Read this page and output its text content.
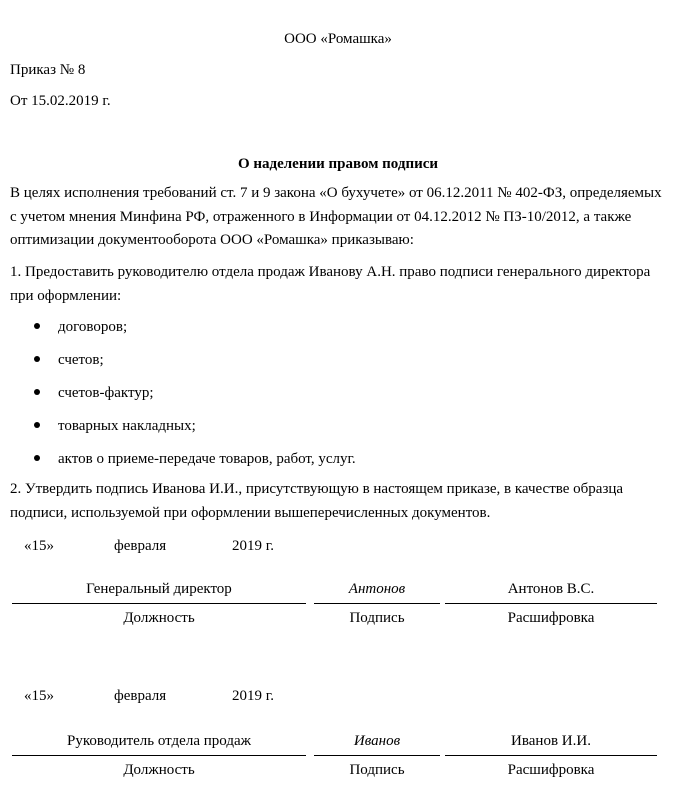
ООО «Ромашка»
Приказ № 8
От 15.02.2019 г.
О наделении правом подписи
В целях исполнения требований ст. 7 и 9 закона «О бухучете» от 06.12.2011 № 402-ФЗ, определяемых с учетом мнения Минфина РФ, отраженного в Информации от 04.12.2012 № ПЗ-10/2012, а также оптимизации документооборота ООО «Ромашка» приказываю:
1. Предоставить руководителю отдела продаж Иванову А.Н. право подписи генерального директора при оформлении:
договоров;
счетов;
счетов-фактур;
товарных накладных;
актов о приеме-передаче товаров, работ, услуг.
2. Утвердить подпись Иванова И.И., присутствующую в настоящем приказе, в качестве образца подписи, используемой при оформлении вышеперечисленных документов.
«15»	февраля	2019 г.
Генеральный директор	Антонов	Антонов В.С.
Должность	Подпись	Расшифровка
«15»	февраля	2019 г.
Руководитель отдела продаж	Иванов	Иванов И.И.
Должность	Подпись	Расшифровка
